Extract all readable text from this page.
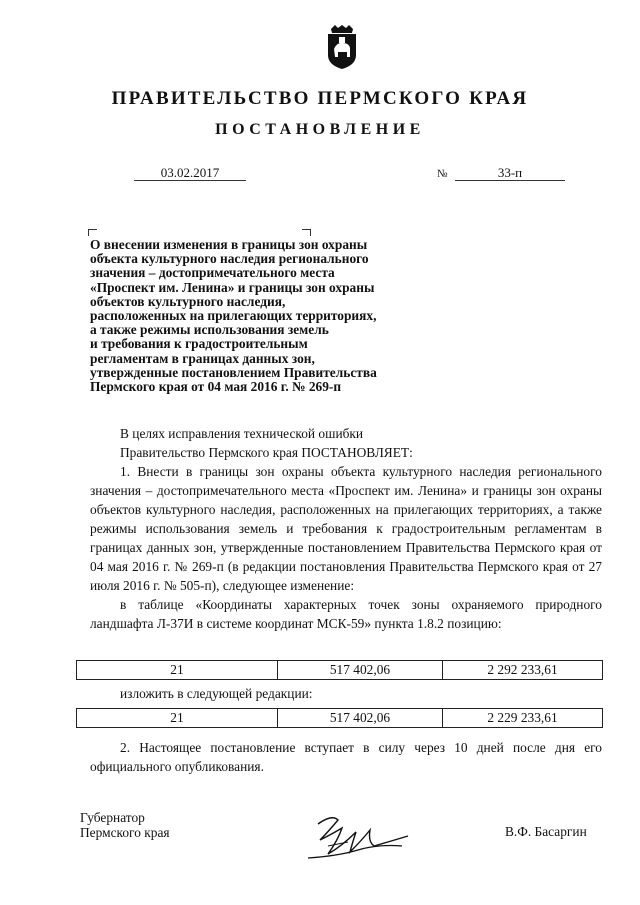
ПРАВИТЕЛЬСТВО ПЕРМСКОГО КРАЯ
ПОСТАНОВЛЕНИЕ
03.02.2017	№	33-п
О внесении изменения в границы зон охраны
объекта культурного наследия регионального
значения – достопримечательного места
«Проспект им. Ленина» и границы зон охраны
объектов культурного наследия,
расположенных на прилегающих территориях,
а также режимы использования земель
и требования к градостроительным
регламентам в границах данных зон,
утвержденные постановлением Правительства
Пермского края от 04 мая 2016 г. № 269-п

В целях исправления технической ошибки

Правительство Пермского края ПОСТАНОВЛЯЕТ:

1. Внести в границы зон охраны объекта культурного наследия регионального значения – достопримечательного места «Проспект им. Ленина» и границы зон охраны объектов культурного наследия, расположенных на прилегающих территориях, а также режимы использования земель и требования к градостроительным регламентам в границах данных зон, утвержденные постановлением Правительства Пермского края от 04 мая 2016 г. № 269-п (в редакции постановления Правительства Пермского края от 27 июля 2016 г. № 505-п), следующее изменение:

в таблице «Координаты характерных точек зоны охраняемого природного ландшафта Л-37И в системе координат МСК-59» пункта 1.8.2 позицию:

21	517 402,06	2 292 233,61
изложить в следующей редакции:
21	517 402,06	2 229 233,61

2. Настоящее постановление вступает в силу через 10 дней после дня его официального опубликования.

Губернатор
Пермского края	В.Ф. Басаргин
